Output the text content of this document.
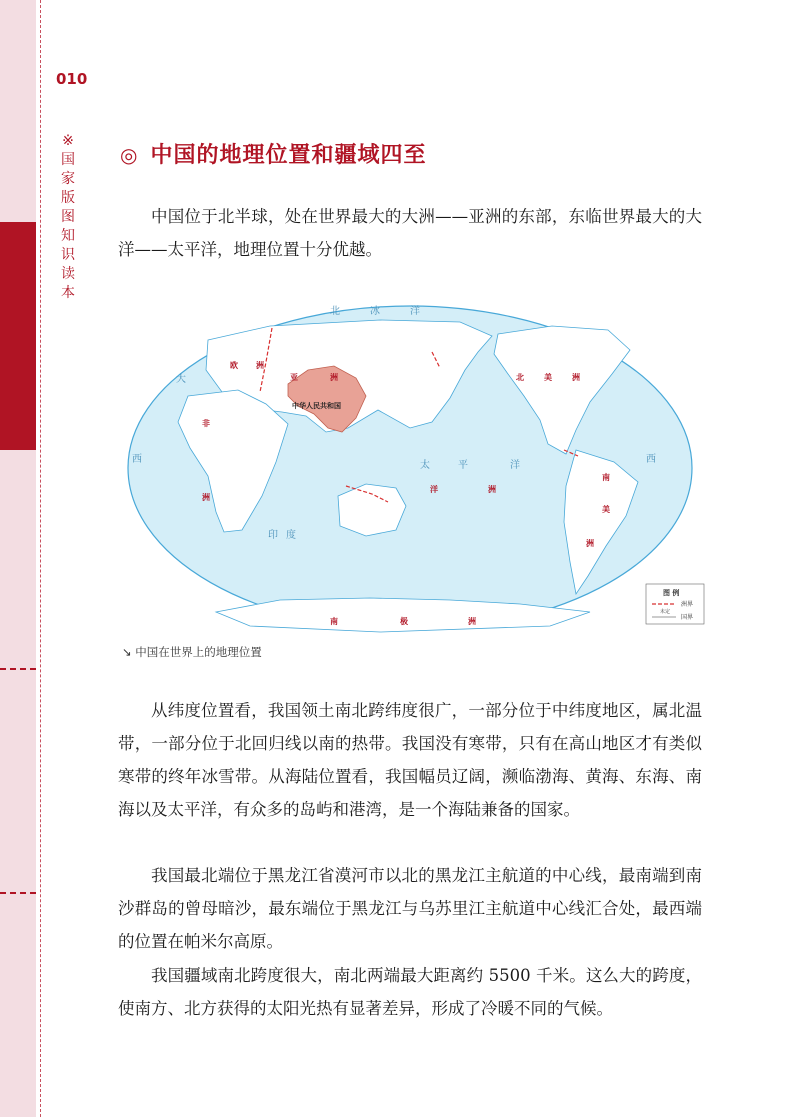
010
※国家版图知识读本
◎ 中国的地理位置和疆域四至

中国位于北半球，处在世界最大的大洲——亚洲的东部，东临世界最大的大洋——太平洋，地理位置十分优越。

北	冰	洋
太	平	洋
西
大
印 度
西
欧 洲
亚	洲
非
洲
北	美	洲
南
美
洲
洋	洲
南	极	洲
中华人民共和国
图 例
洲界
未定
国界
↘ 中国在世界上的地理位置

从纬度位置看，我国领土南北跨纬度很广，一部分位于中纬度地区，属北温带，一部分位于北回归线以南的热带。我国没有寒带，只有在高山地区才有类似寒带的终年冰雪带。从海陆位置看，我国幅员辽阔，濒临渤海、黄海、东海、南海以及太平洋，有众多的岛屿和港湾，是一个海陆兼备的国家。

我国最北端位于黑龙江省漠河市以北的黑龙江主航道的中心线，最南端到南沙群岛的曾母暗沙，最东端位于黑龙江与乌苏里江主航道中心线汇合处，最西端的位置在帕米尔高原。

我国疆域南北跨度很大，南北两端最大距离约 5500 千米。这么大的跨度，使南方、北方获得的太阳光热有显著差异，形成了冷暖不同的气候。
